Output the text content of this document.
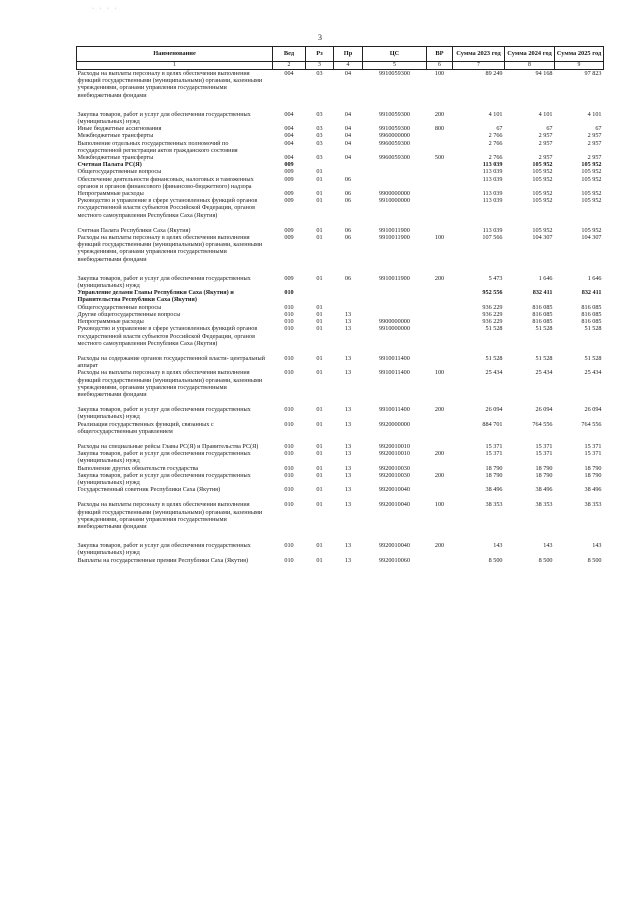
· · · ·
3
Наименование	Вед	Рз	Пр	ЦС	ВР	Сумма 2023 год	Сумма 2024 год	Сумма 2025 год
1	2	3	4	5	6	7	8	9
Расходы на выплаты персоналу в целях обеспечения выполнения функций государственными (муниципальными) органами, казенными учреждениями, органами управления государственными внебюджетными фондами	004	03	04	9910059300	100	89 249	94 168	97 823

Закупка товаров, работ и услуг для обеспечения государственных (муниципальных) нужд	004	03	04	9910059300	200	4 101	4 101	4 101
Иные бюджетные ассигнования	004	03	04	9910059300	800	67	67	67
Межбюджетные трансферты	004	03	04	9960000000		2 766	2 957	2 957
Выполнение отдельных государственных полномочий по государственной регистрации актов гражданского состояния	004	03	04	9960059300		2 766	2 957	2 957
Межбюджетные трансферты	004	03	04	9960059300	500	2 766	2 957	2 957
Счетная Палата РС(Я)	009					113 039	105 952	105 952
Общегосударственные вопросы	009	01				113 039	105 952	105 952
Обеспечение деятельности финансовых, налоговых и таможенных органов и органов финансового (финансово-бюджетного) надзора	009	01	06			113 039	105 952	105 952
Непрограммные расходы	009	01	06	9900000000		113 039	105 952	105 952
Руководство и управление в сфере установленных функций органов государственной власти субъектов Российской Федерации, органов местного самоуправления Республики Саха (Якутия)	009	01	06	9910000000		113 039	105 952	105 952

Счетная Палата Республики Саха (Якутия)	009	01	06	9910011900		113 039	105 952	105 952
Расходы на выплаты персоналу в целях обеспечения выполнения функций государственными (муниципальными) органами, казенными учреждениями, органами управления государственными внебюджетными фондами	009	01	06	9910011900	100	107 566	104 307	104 307

Закупка товаров, работ и услуг для обеспечения государственных (муниципальных) нужд	009	01	06	9910011900	200	5 473	1 646	1 646
Управление делами Главы Республики Саха (Якутия) и Правительства Республики Саха (Якутия)	010					952 556	832 411	832 411
Общегосударственные вопросы	010	01				936 229	816 085	816 085
Другие общегосударственные вопросы	010	01	13			936 229	816 085	816 085
Непрограммные расходы	010	01	13	9900000000		936 229	816 085	816 085
Руководство и управление в сфере установленных функций органов государственной власти субъектов Российской Федерации, органов местного самоуправления Республики Саха (Якутия)	010	01	13	9910000000		51 528	51 528	51 528

Расходы на содержание органов государственной власти- центральный аппарат	010	01	13	9910011400		51 528	51 528	51 528
Расходы на выплаты персоналу в целях обеспечения выполнения функций государственными (муниципальными) органами, казенными учреждениями, органами управления государственными внебюджетными фондами	010	01	13	9910011400	100	25 434	25 434	25 434

Закупка товаров, работ и услуг для обеспечения государственных (муниципальных) нужд	010	01	13	9910011400	200	26 094	26 094	26 094
Реализация государственных функций, связанных с общегосударственным управлением	010	01	13	9920000000		884 701	764 556	764 556

Расходы на специальные рейсы Главы РС(Я) и Правительства РС(Я)	010	01	13	9920010010		15 371	15 371	15 371
Закупка товаров, работ и услуг для обеспечения государственных (муниципальных) нужд	010	01	13	9920010010	200	15 371	15 371	15 371
Выполнение других обязательств государства	010	01	13	9920010030		18 790	18 790	18 790
Закупка товаров, работ и услуг для обеспечения государственных (муниципальных) нужд	010	01	13	9920010030	200	18 790	18 790	18 790
Государственный советник Республики Саха (Якутия)	010	01	13	9920010040		38 496	38 496	38 496

Расходы на выплаты персоналу в целях обеспечения выполнения функций государственными (муниципальными) органами, казенными учреждениями, органами управления государственными внебюджетными фондами	010	01	13	9920010040	100	38 353	38 353	38 353

Закупка товаров, работ и услуг для обеспечения государственных (муниципальных) нужд	010	01	13	9920010040	200	143	143	143
Выплаты на государственные премии Республики Саха (Якутия)	010	01	13	9920010060		8 500	8 500	8 500
